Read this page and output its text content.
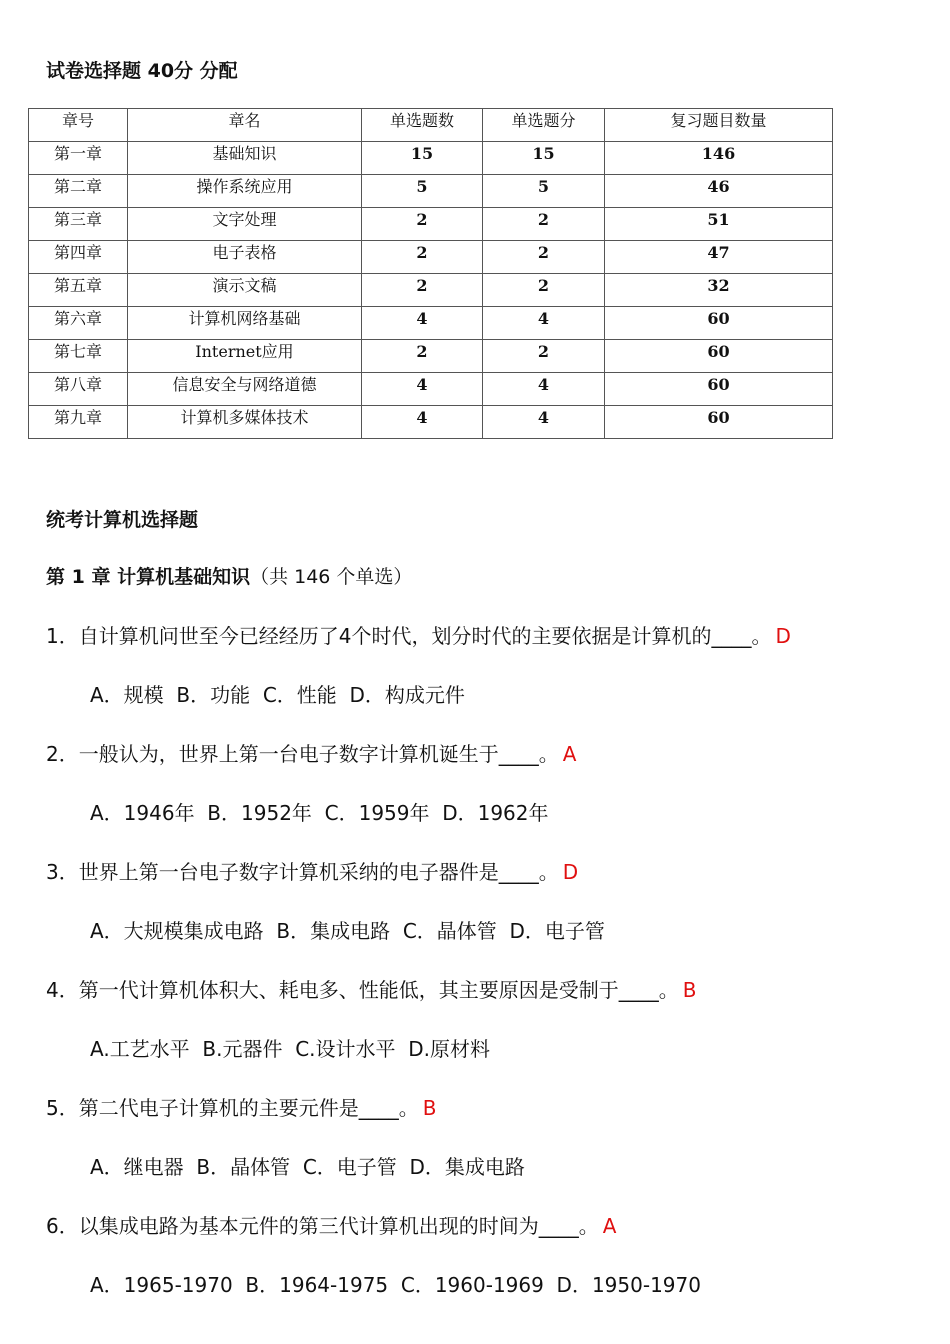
试卷选择题 40分 分配
章号	章名	单选题数	单选题分	复习题目数量
第一章	基础知识	15	15	146
第二章	操作系统应用	5	5	46
第三章	文字处理	2	2	51
第四章	电子表格	2	2	47
第五章	演示文稿	2	2	32
第六章	计算机网络基础	4	4	60
第七章	Internet应用	2	2	60
第八章	信息安全与网络道德	4	4	60
第九章	计算机多媒体技术	4	4	60
统考计算机选择题
第 1 章 计算机基础知识（共 146 个单选）
1．自计算机问世至今已经经历了4个时代，划分时代的主要依据是计算机的____。 D
A．规模  B．功能  C．性能  D．构成元件
2．一般认为，世界上第一台电子数字计算机诞生于____。 A
A．1946年  B．1952年  C．1959年  D．1962年
3．世界上第一台电子数字计算机采纳的电子器件是____。 D
A．大规模集成电路  B．集成电路  C．晶体管  D．电子管
4．第一代计算机体积大、耗电多、性能低，其主要原因是受制于____。 B
A.工艺水平  B.元器件  C.设计水平  D.原材料
5．第二代电子计算机的主要元件是____。 B
A．继电器  B．晶体管  C．电子管  D．集成电路
6．以集成电路为基本元件的第三代计算机出现的时间为____。 A
A．1965-1970  B．1964-1975  C．1960-1969  D．1950-1970
